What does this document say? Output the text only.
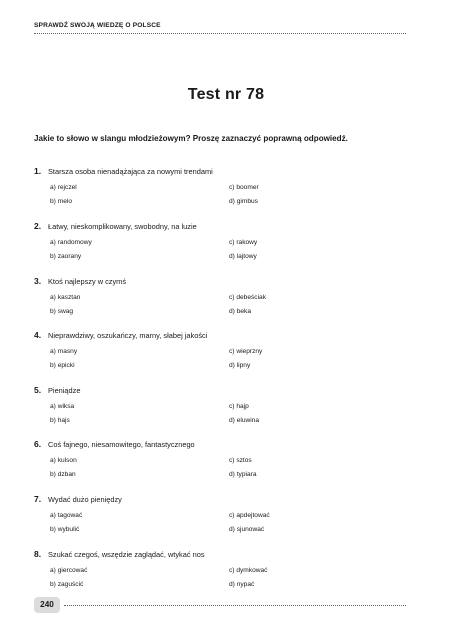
SPRAWDŹ SWOJĄ WIEDZĘ O POLSCE
Test nr 78
Jakie to słowo w slangu młodzieżowym? Proszę zaznaczyć poprawną odpowiedź.
1. Starsza osoba nienadążająca za nowymi trendami
a) rejczel	c) boomer
b) melo	d) gimbus
2. Łatwy, nieskomplikowany, swobodny, na luzie
a) randomowy	c) rakowy
b) zaorany	d) lajtowy
3. Ktoś najlepszy w czymś
a) kasztan	c) debeściak
b) swag	d) beka
4. Nieprawdziwy, oszukańczy, marny, słabej jakości
a) masny	c) wieprzny
b) epicki	d) lipny
5. Pieniądze
a) wiksa	c) hajp
b) hajs	d) eluwina
6. Coś fajnego, niesamowitego, fantastycznego
a) kulson	c) sztos
b) dzban	d) typiara
7. Wydać dużo pieniędzy
a) tagować	c) apdejtować
b) wybulić	d) sjunować
8. Szukać czegoś, wszędzie zaglądać, wtykać nos
a) giercować	c) dymkować
b) zaguścić	d) nypać
240
